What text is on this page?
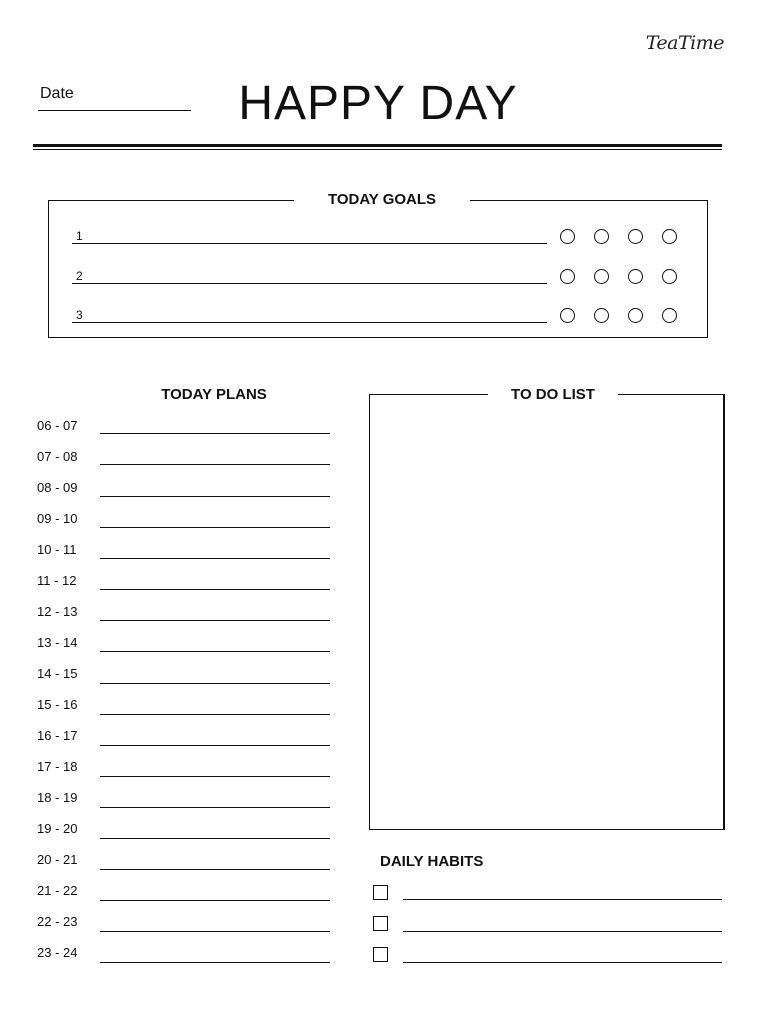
TeaTime
Date	HAPPY DAY
TODAY GOALS
1
2
3
TODAY PLANS
06 - 07
07 - 08
08 - 09
09 - 10
10 - 11
11 - 12
12 - 13
13 - 14
14 - 15
15 - 16
16 - 17
17 - 18
18 - 19
19 - 20
20 - 21
21 - 22
22 - 23
23 - 24
TO DO LIST
DAILY HABITS
